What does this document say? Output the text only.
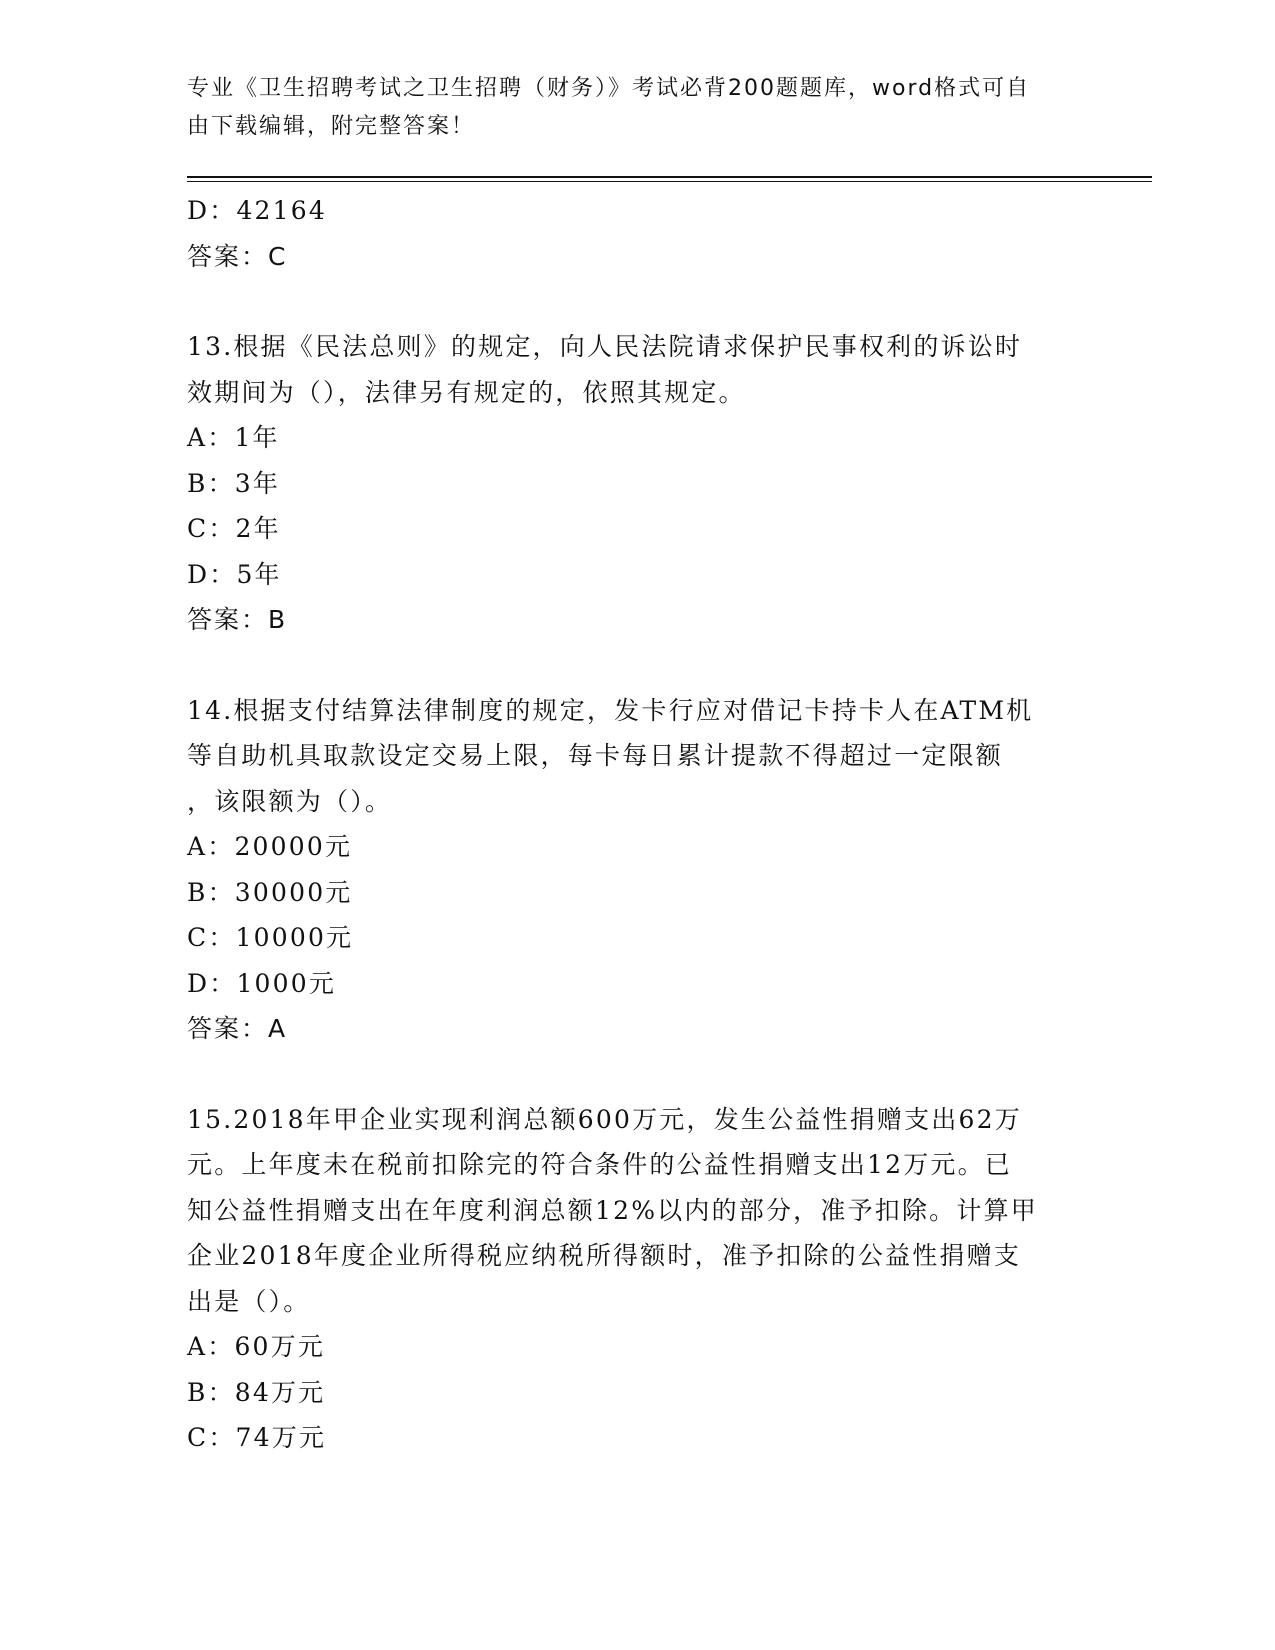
专业《卫生招聘考试之卫生招聘（财务）》考试必背200题题库，word格式可自
由下载编辑，附完整答案！

D：42164

答案：C

13.根据《民法总则》的规定，向人民法院请求保护民事权利的诉讼时

效期间为（），法律另有规定的，依照其规定。

A：1年

B：3年

C：2年

D：5年

答案：B

14.根据支付结算法律制度的规定，发卡行应对借记卡持卡人在ATM机

等自助机具取款设定交易上限，每卡每日累计提款不得超过一定限额

，该限额为（）。

A：20000元

B：30000元

C：10000元

D：1000元

答案：A

15.2018年甲企业实现利润总额600万元，发生公益性捐赠支出62万

元。上年度未在税前扣除完的符合条件的公益性捐赠支出12万元。已

知公益性捐赠支出在年度利润总额12%以内的部分，准予扣除。计算甲

企业2018年度企业所得税应纳税所得额时，准予扣除的公益性捐赠支

出是（）。

A：60万元

B：84万元

C：74万元
